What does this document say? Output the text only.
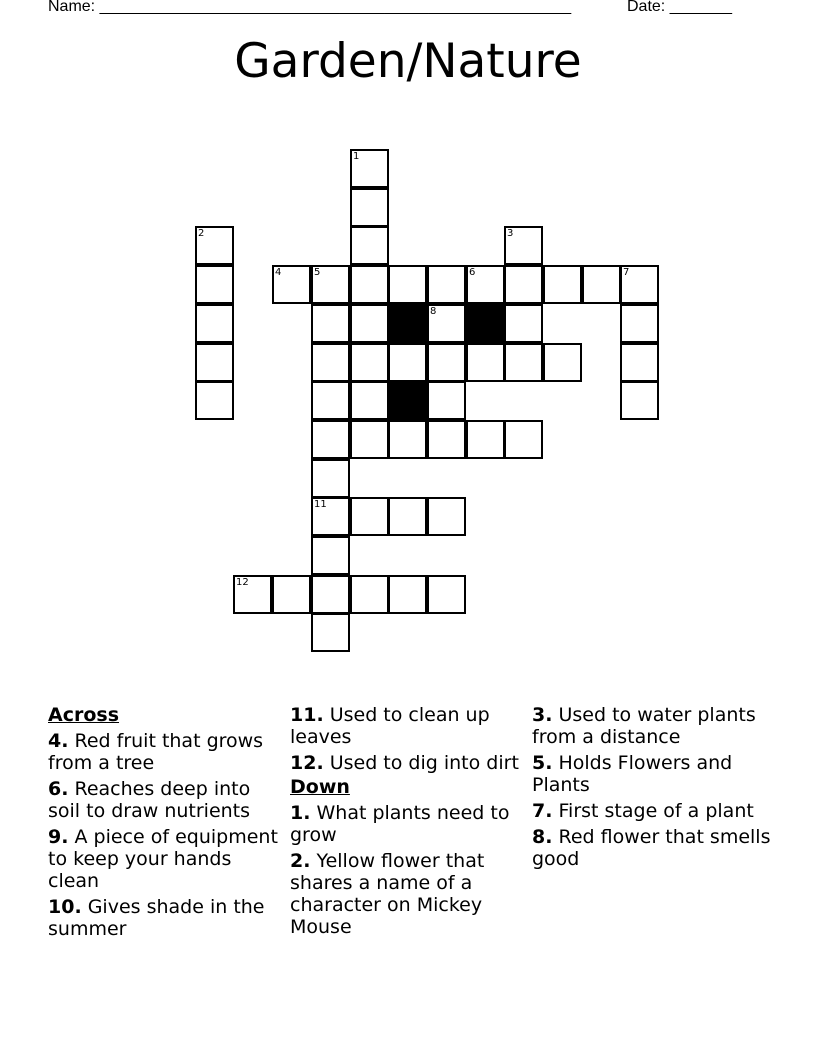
Name: _____________________________________________________	Date: _______
Garden/Nature
1
2	3
4	5	6	7
11
8
12
Across
4. Red fruit that grows from a tree
6. Reaches deep into soil to draw nutrients
9. A piece of equipment to keep your hands clean
10. Gives shade in the summer
11. Used to clean up leaves
12. Used to dig into dirt
Down
1. What plants need to grow
2. Yellow flower that shares a name of a character on Mickey Mouse
3. Used to water plants from a distance
5. Holds Flowers and Plants
7. First stage of a plant
8. Red flower that smells good
